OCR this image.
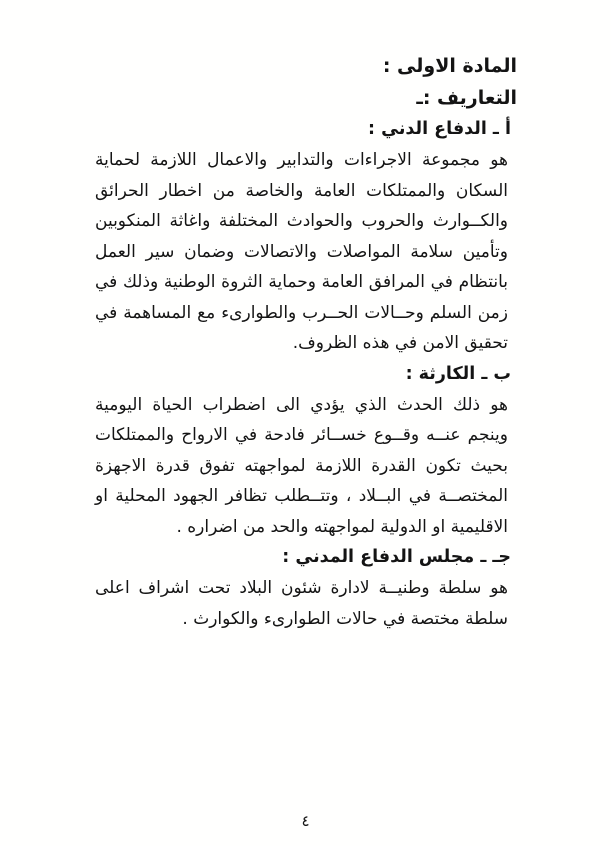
المادة الاولى :

التعاريف :ـ

أ ـ الدفاع الدني :

هو مجموعة الاجراءات والتدابير والاعمال اللازمة لحماية السكان والممتلكات العامة والخاصة من اخطار الحرائق والكــوارث والحروب والحوادث المختلفة واغاثة المنكوبين وتأمين سلامة المواصلات والاتصالات وضمان سير العمل بانتظام في المرافق العامة وحماية الثروة الوطنية وذلك في زمن السلم وحــالات الحــرب والطوارىء مع المساهمة في تحقيق الامن في هذه الظروف.

ب ـ الكارثة :

هو ذلك الحدث الذي يؤدي الى اضطراب الحياة اليومية وينجم عنــه وقــوع خســائر فادحة في الارواح والممتلكات بحيث تكون القدرة اللازمة لمواجهته تفوق قدرة الاجهزة المختصــة في البــلاد ، وتتــطلب تظافر الجهود المحلية او الاقليمية او الدولية لمواجهته والحد من اضراره .

جـ ـ مجلس الدفاع المدني :

هو سلطة وطنيــة لادارة شئون البلاد تحت اشراف اعلى سلطة مختصة في حالات الطوارىء والكوارث .

٤
